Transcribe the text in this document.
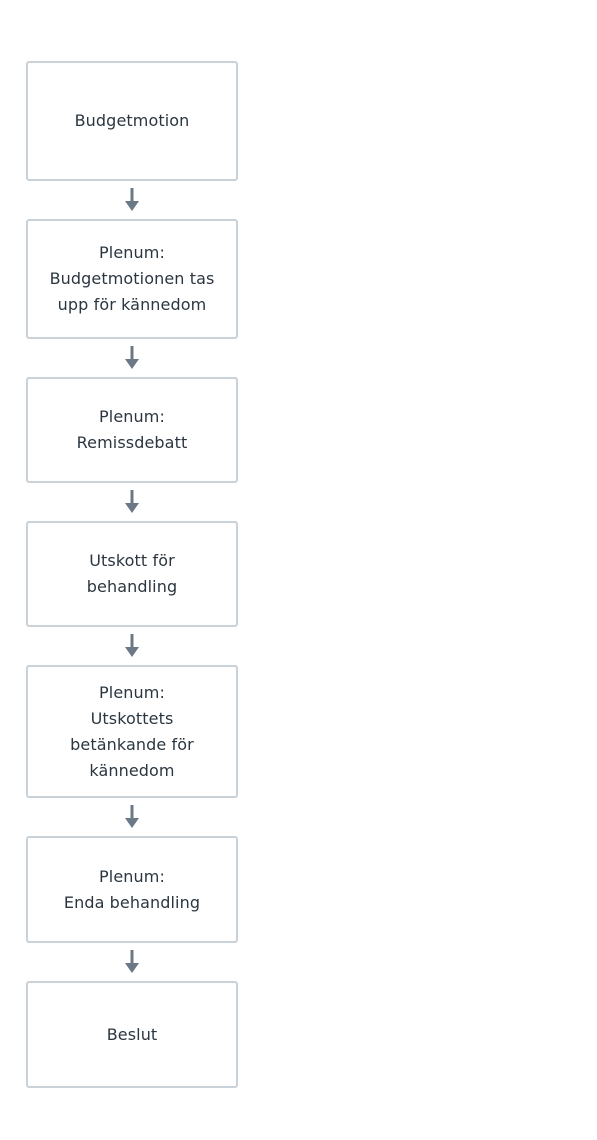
Budgetmotion
Plenum:
Budgetmotionen tas
upp för kännedom
Plenum:
Remissdebatt
Utskott för
behandling
Plenum:
Utskottets
betänkande för
kännedom
Plenum:
Enda behandling
Beslut
